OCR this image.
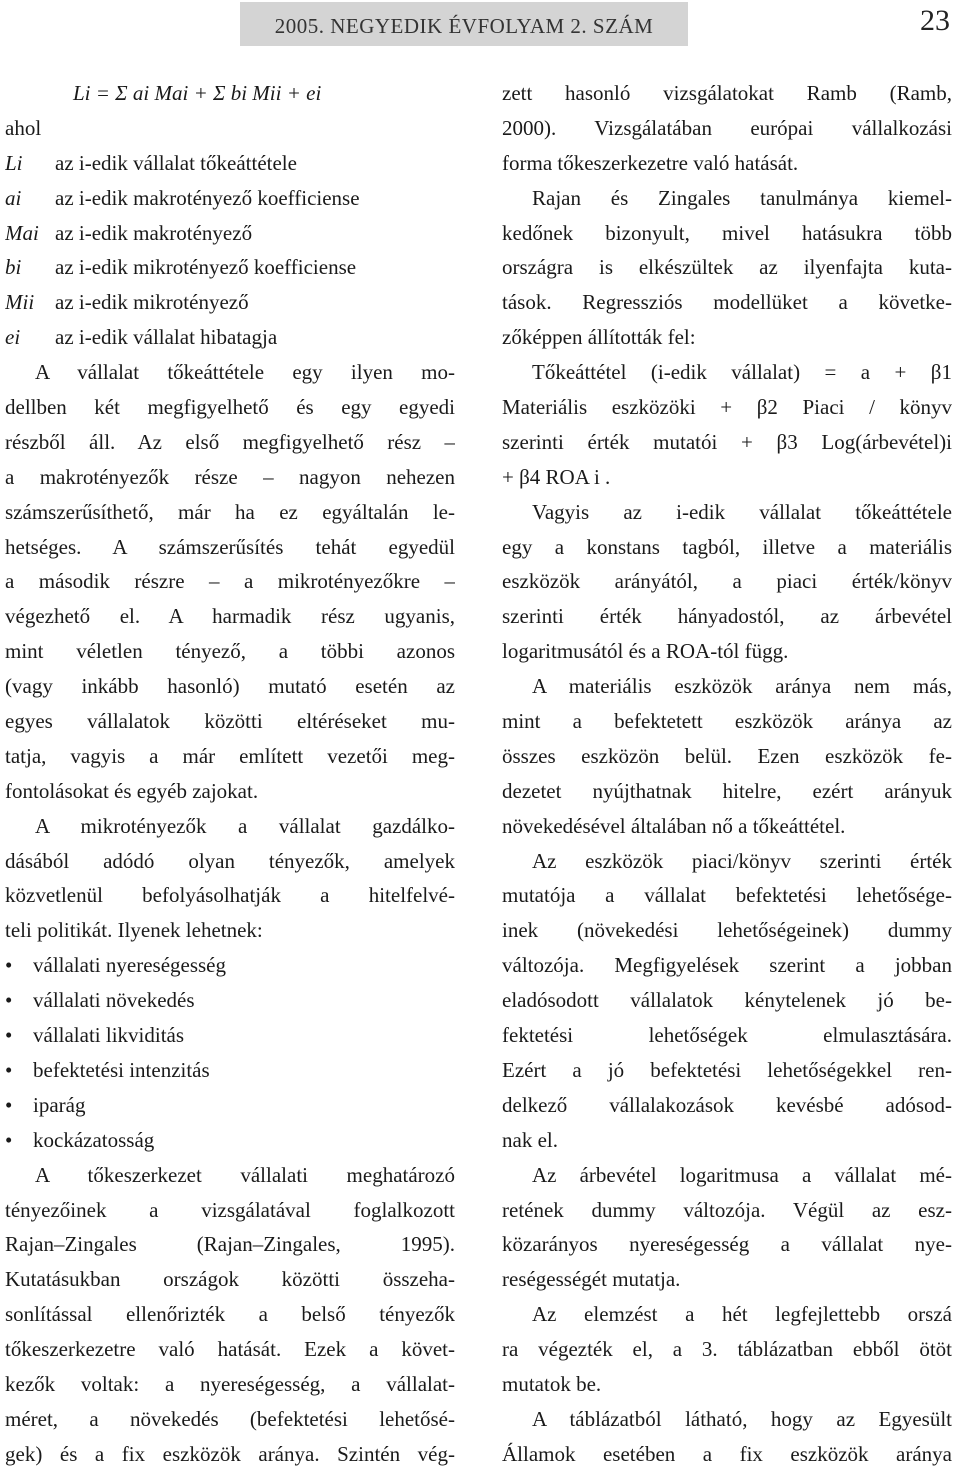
2005. NEGYEDIK ÉVFOLYAM 2. SZÁM	23
Li = Σ ai Mai + Σ bi Mii + ei
ahol
Li az i-edik vállalat tőkeáttétele
ai az i-edik makrotényező koefficiense
Mai az i-edik makrotényező
bi az i-edik mikrotényező koefficiense
Mii az i-edik mikrotényező
ei az i-edik vállalat hibatagja
A vállalat tőkeáttétele egy ilyen mo-
dellben két megfigyelhető és egy egyedi
részből áll. Az első megfigyelhető rész –
a makrotényezők része – nagyon nehezen
számszerűsíthető, már ha ez egyáltalán le-
hetséges. A számszerűsítés tehát egyedül
a második részre – a mikrotényezőkre –
végezhető el. A harmadik rész ugyanis,
mint véletlen tényező, a többi azonos
(vagy inkább hasonló) mutató esetén az
egyes vállalatok közötti eltéréseket mu-
tatja, vagyis a már említett vezetői meg-
fontolásokat és egyéb zajokat.
A mikrotényezők a vállalat gazdálko-
dásából adódó olyan tényezők, amelyek
közvetlenül befolyásolhatják a hitelfelvé-
teli politikát. Ilyenek lehetnek:
• vállalati nyereségesség
• vállalati növekedés
• vállalati likviditás
• befektetési intenzitás
• iparág
• kockázatosság
A tőkeszerkezet vállalati meghatározó
tényezőinek a vizsgálatával foglalkozott
Rajan–Zingales (Rajan–Zingales, 1995).
Kutatásukban országok közötti összeha-
sonlítással ellenőrizték a belső tényezők
tőkeszerkezetre való hatását. Ezek a követ-
kezők voltak: a nyereségesség, a vállalat-
méret, a növekedés (befektetési lehetősé-
gek) és a fix eszközök aránya. Szintén vég-
zett hasonló vizsgálatokat Ramb (Ramb,
2000). Vizsgálatában európai vállalkozási
forma tőkeszerkezetre való hatását.
Rajan és Zingales tanulmánya kiemel-
kedőnek bizonyult, mivel hatásukra több
országra is elkészültek az ilyenfajta kuta-
tások. Regressziós modellüket a követke-
zőképpen állították fel:
Tőkeáttétel (i-edik vállalat) = a + β1
Materiális eszközöki + β2 Piaci / könyv
szerinti érték mutatói + β3 Log(árbevétel)i
+ β4 ROA i .
Vagyis az i-edik vállalat tőkeáttétele
egy a konstans tagból, illetve a materiális
eszközök arányától, a piaci érték/könyv
szerinti érték hányadostól, az árbevétel
logaritmusától és a ROA-tól függ.
A materiális eszközök aránya nem más,
mint a befektetett eszközök aránya az
összes eszközön belül. Ezen eszközök fe-
dezetet nyújthatnak hitelre, ezért arányuk
növekedésével általában nő a tőkeáttétel.
Az eszközök piaci/könyv szerinti érték
mutatója a vállalat befektetési lehetősége-
inek (növekedési lehetőségeinek) dummy
változója. Megfigyelések szerint a jobban
eladósodott vállalatok kénytelenek jó be-
fektetési lehetőségek elmulasztására.
Ezért a jó befektetési lehetőségekkel ren-
delkező vállalakozások kevésbé adósod-
nak el.
Az árbevétel logaritmusa a vállalat mé-
retének dummy változója. Végül az esz-
közarányos nyereségesség a vállalat nye-
reségességét mutatja.
Az elemzést a hét legfejlettebb orszá
ra végezték el, a 3. táblázatban ebből ötöt
mutatok be.
A táblázatból látható, hogy az Egyesült
Államok esetében a fix eszközök aránya
